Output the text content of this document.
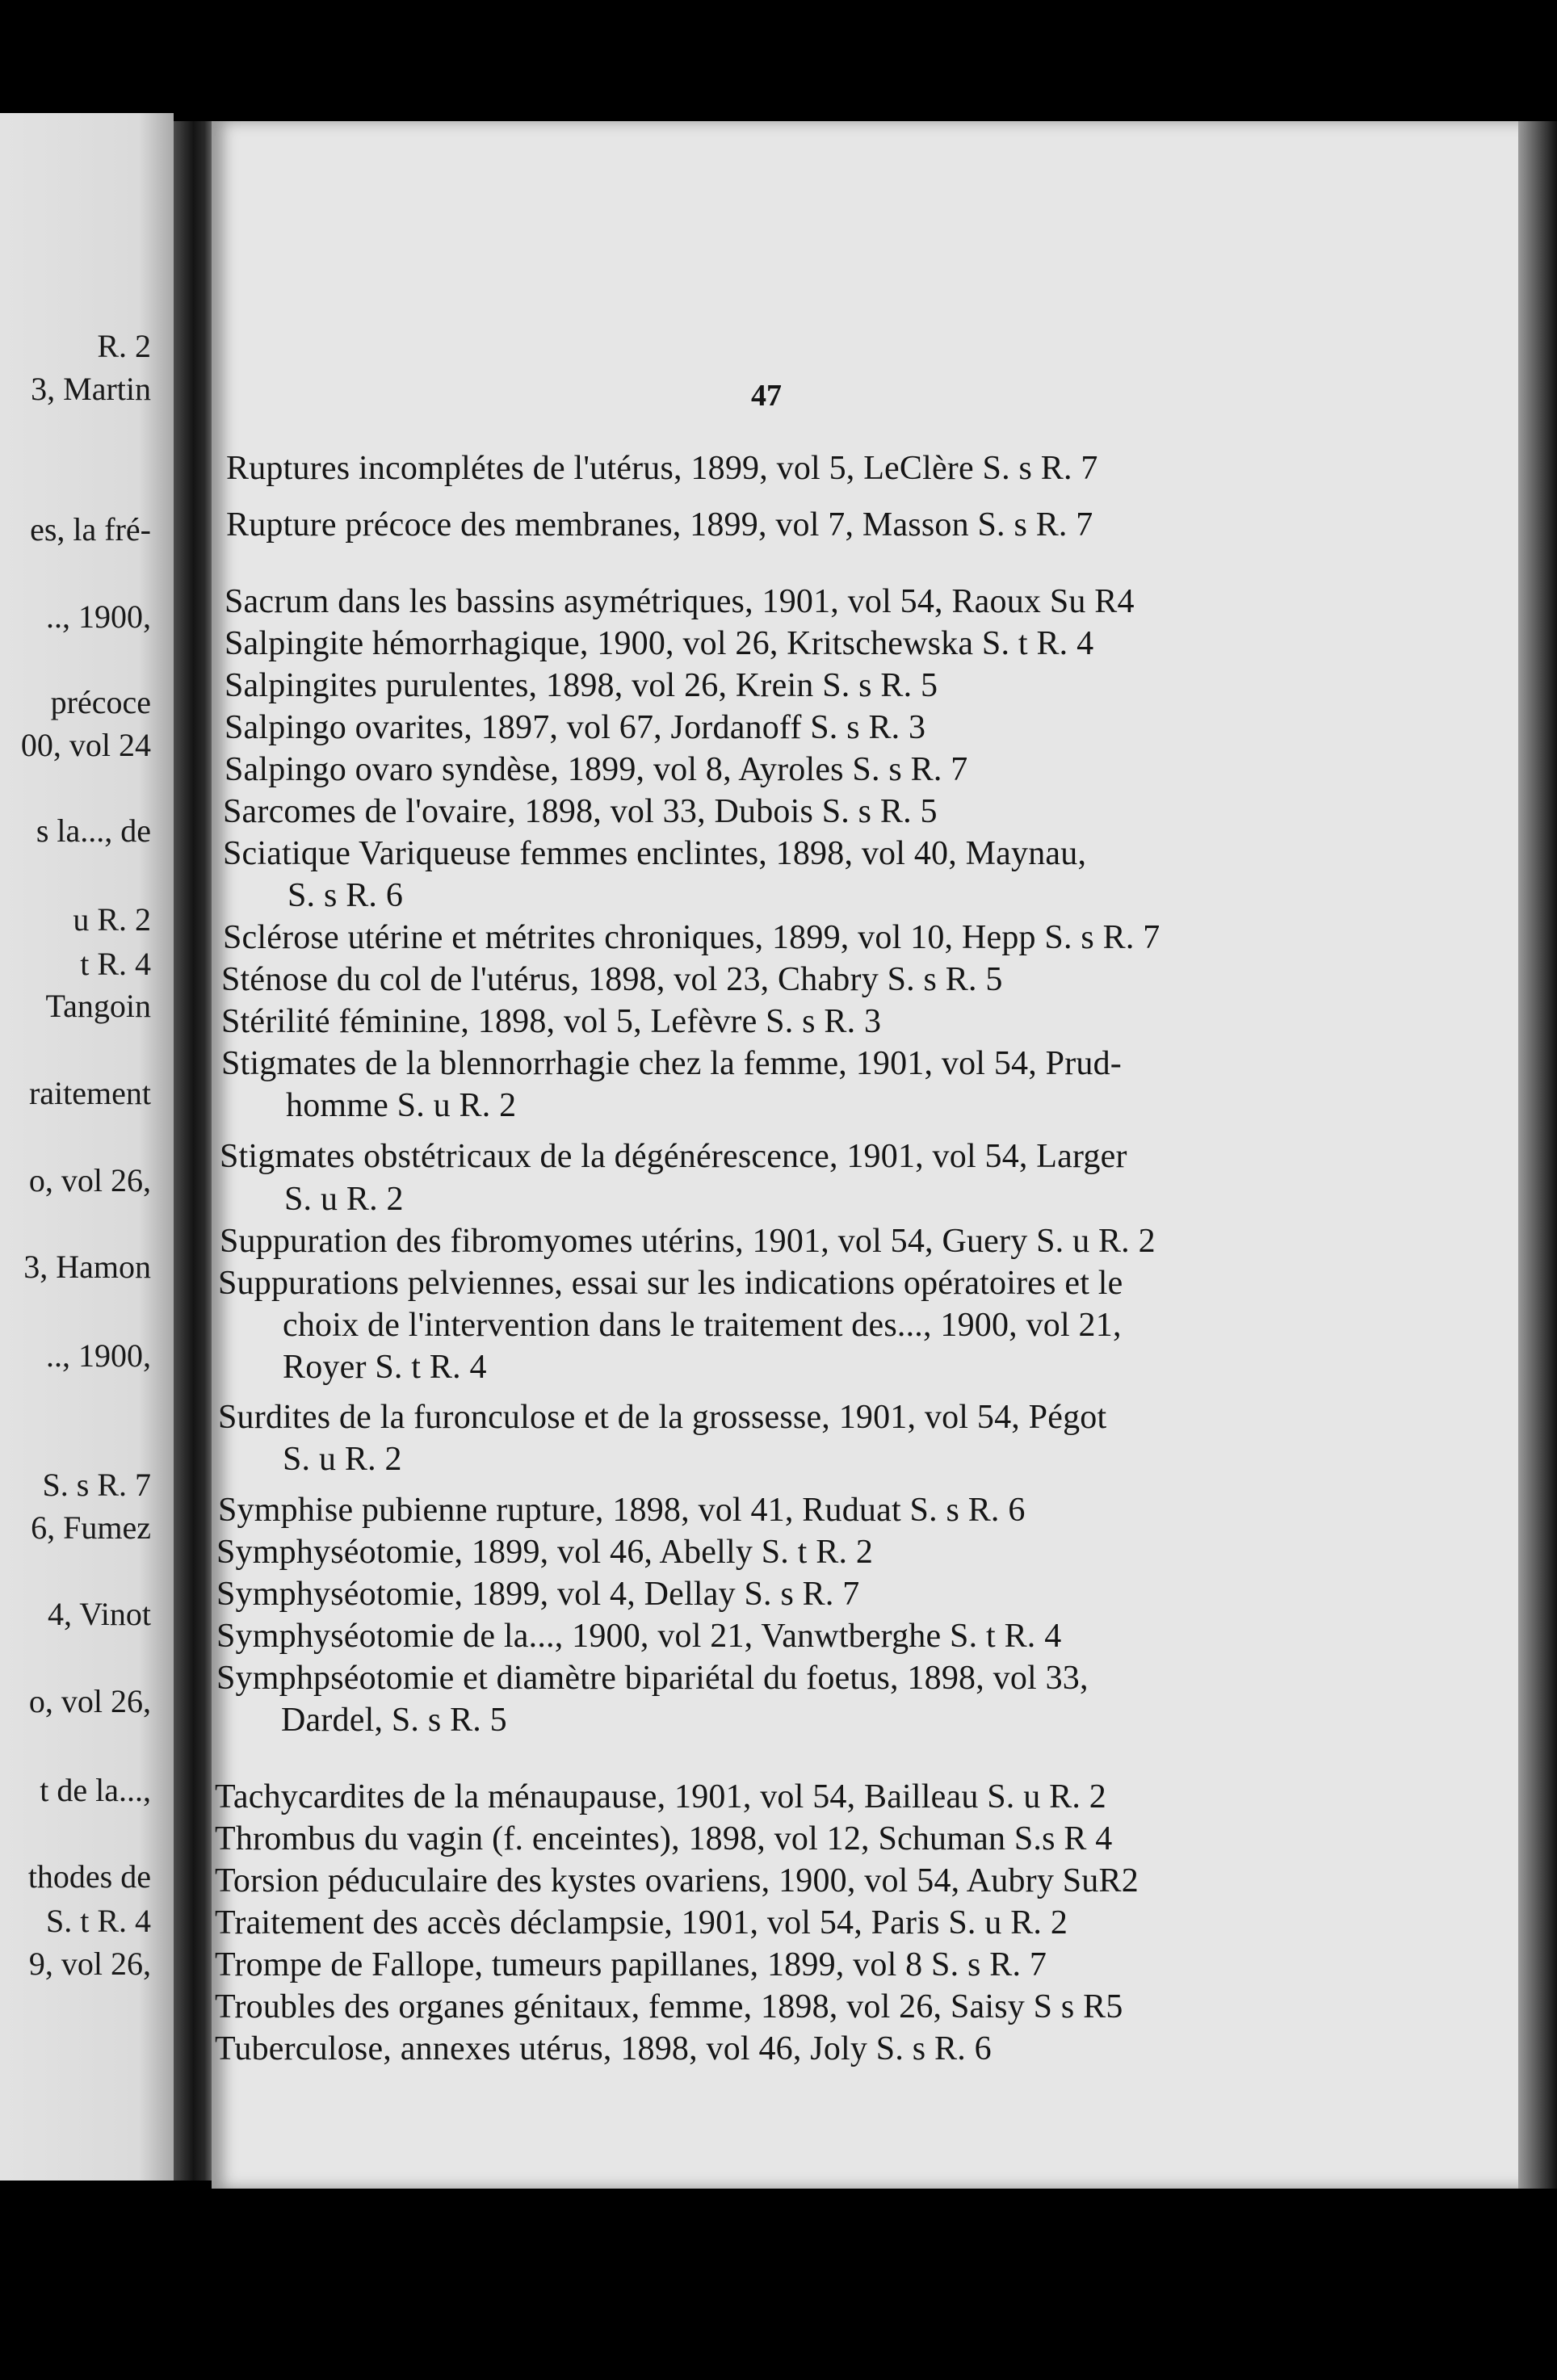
R. 2
3, Martin
es, la fré-
.., 1900,
précoce
00, vol 24
s la..., de
u R. 2
t R. 4
Tangoin
raitement
o, vol 26,
3, Hamon
.., 1900,
S. s R. 7
6, Fumez
4, Vinot
o, vol 26,
t de la...,
thodes de
S. t R. 4
9, vol 26,
47
Ruptures incomplétes de l'utérus, 1899, vol 5, LeClère S. s R. 7
Rupture précoce des membranes, 1899, vol 7, Masson S. s R. 7
Sacrum dans les bassins asymétriques, 1901, vol 54, Raoux Su R4
Salpingite hémorrhagique, 1900, vol 26, Kritschewska S. t R. 4
Salpingites purulentes, 1898, vol 26, Krein S. s R. 5
Salpingo ovarites, 1897, vol 67, Jordanoff S. s R. 3
Salpingo ovaro syndèse, 1899, vol 8, Ayroles S. s R. 7
Sarcomes de l'ovaire, 1898, vol 33, Dubois S. s R. 5
Sciatique Variqueuse femmes enclintes, 1898, vol 40, Maynau,
S. s R. 6
Sclérose utérine et métrites chroniques, 1899, vol 10, Hepp S. s R. 7
Sténose du col de l'utérus, 1898, vol 23, Chabry S. s R. 5
Stérilité féminine, 1898, vol 5, Lefèvre S. s R. 3
Stigmates de la blennorrhagie chez la femme, 1901, vol 54, Prud-
homme S. u R. 2
Stigmates obstétricaux de la dégénérescence, 1901, vol 54, Larger
S. u R. 2
Suppuration des fibromyomes utérins, 1901, vol 54, Guery S. u R. 2
Suppurations pelviennes, essai sur les indications opératoires et le
choix de l'intervention dans le traitement des..., 1900, vol 21,
Royer S. t R. 4
Surdites de la furonculose et de la grossesse, 1901, vol 54, Pégot
S. u R. 2
Symphise pubienne rupture, 1898, vol 41, Ruduat S. s R. 6
Symphyséotomie, 1899, vol 46, Abelly S. t R. 2
Symphyséotomie, 1899, vol 4, Dellay S. s R. 7
Symphyséotomie de la..., 1900, vol 21, Vanwtberghe S. t R. 4
Symphpséotomie et diamètre bipariétal du foetus, 1898, vol 33,
Dardel, S. s R. 5
Tachycardites de la ménaupause, 1901, vol 54, Bailleau S. u R. 2
Thrombus du vagin (f. enceintes), 1898, vol 12, Schuman S.s R 4
Torsion péduculaire des kystes ovariens, 1900, vol 54, Aubry SuR2
Traitement des accès déclampsie, 1901, vol 54, Paris S. u R. 2
Trompe de Fallope, tumeurs papillanes, 1899, vol 8 S. s R. 7
Troubles des organes génitaux, femme, 1898, vol 26, Saisy S s R5
Tuberculose, annexes utérus, 1898, vol 46, Joly S. s R. 6
